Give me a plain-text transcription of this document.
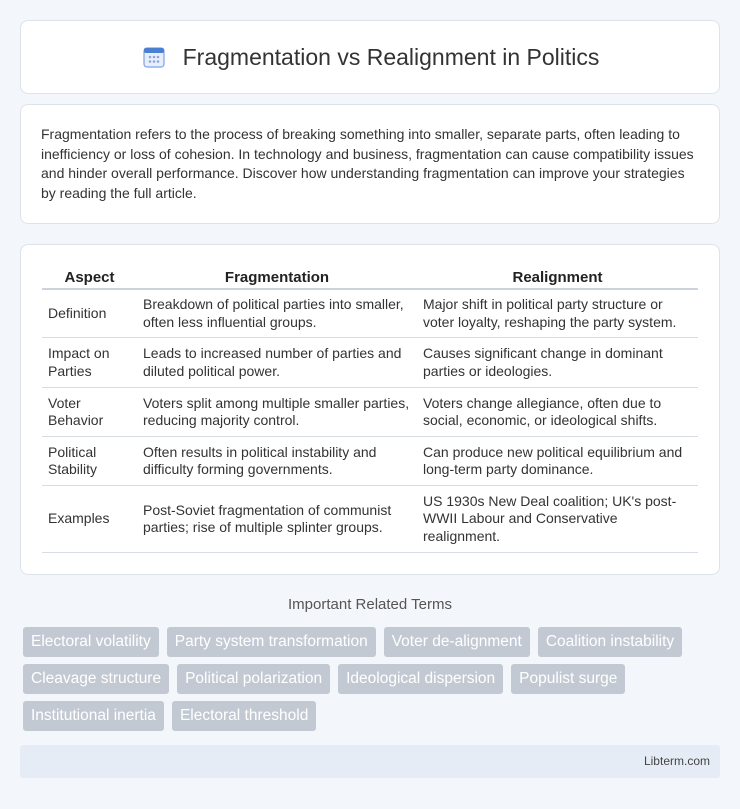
Fragmentation vs Realignment in Politics

Fragmentation refers to the process of breaking something into smaller, separate parts, often leading to inefficiency or loss of cohesion. In technology and business, fragmentation can cause compatibility issues and hinder overall performance. Discover how understanding fragmentation can improve your strategies by reading the full article.

Aspect	Fragmentation	Realignment
Definition	Breakdown of political parties into smaller, often less influential groups.	Major shift in political party structure or voter loyalty, reshaping the party system.
Impact on Parties	Leads to increased number of parties and diluted political power.	Causes significant change in dominant parties or ideologies.
Voter Behavior	Voters split among multiple smaller parties, reducing majority control.	Voters change allegiance, often due to social, economic, or ideological shifts.
Political Stability	Often results in political instability and difficulty forming governments.	Can produce new political equilibrium and long-term party dominance.
Examples	Post-Soviet fragmentation of communist parties; rise of multiple splinter groups.	US 1930s New Deal coalition; UK's post-WWII Labour and Conservative realignment.
Important Related Terms
Electoral volatility	Party system transformation	Voter de-alignment	Coalition instability
Cleavage structure	Political polarization	Ideological dispersion	Populist surge
Institutional inertia	Electoral threshold
Libterm.com
